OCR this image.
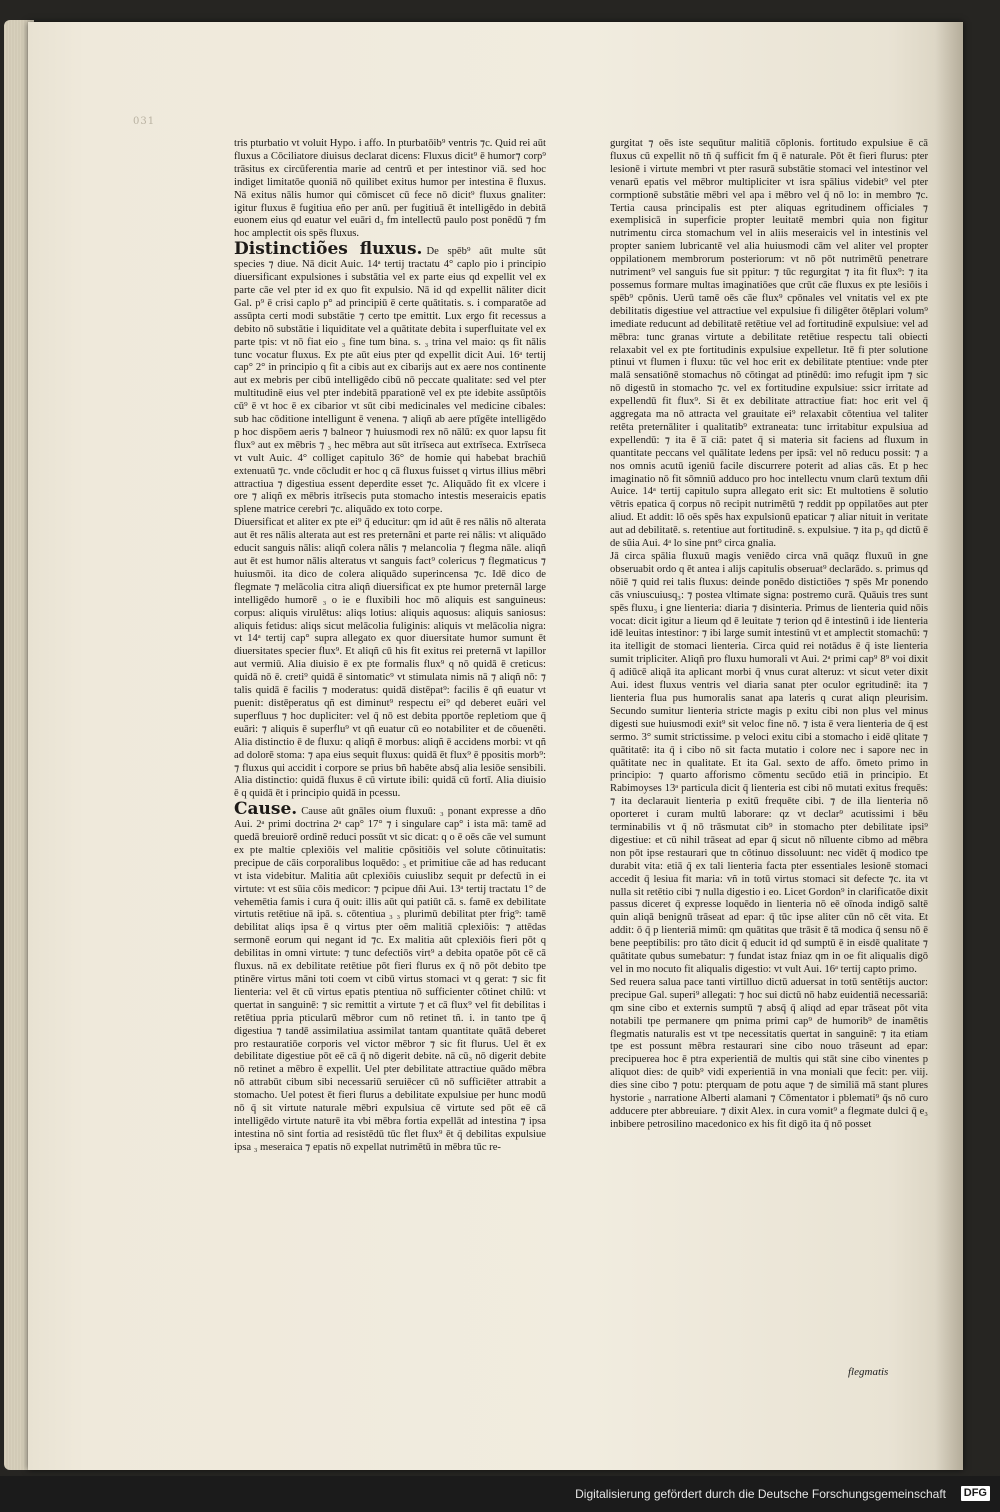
031

tris pturbatio vt voluit Hypo. i affo. In pturbatōib⁹ ventris ⁊c. Quid rei aūt fluxus a Cōciliatore diuisus declarat dicens: Fluxus dicit⁹ ē humor⁊ corp⁹ trāsitus ex circūferentia marie ad centrū et per intestinor viā. sed hoc indiget limitatōe quoniā nō quilibet exitus humor per intestina ē fluxus. Nā exitus nālis humor qui cōmiscet cū fece nō dicit⁹ fluxus gnaliter: igitur fluxus ē fugitiua eño per anū. per fugitiuā ēt intelligēdo in debitā euonem eius qd euatur vel euāri d₃ fm intellectū paulo post ponēdū ⁊ fm hoc amplectit ois spēs fluxus.

Distinctiões fluxus. De spēb⁹ aūt multe sūt species ⁊ diue. Nā dicit Auic. 14ᵃ tertij tractatu 4° caplo pio i principio diuersificant expulsiones i substātia vel ex parte eius qd expellit vel ex parte cāe vel pter id ex quo fit expulsio. Nā id qd expellit nāliter dicit Gal. p⁹ ē crisi caplo p° ad principiū ē certe quātitatis. s. i comparatōe ad assūpta certi modi substātie ⁊ certo tpe emittit. Lux ergo fit recessus a debito nō substātie i liquiditate vel a quātitate debita i superfluitate vel ex parte tpis: vt nō fiat eio ₃ fine tum bina. s. ₃ trina vel maio: qs fit nālis tunc vocatur fluxus. Ex pte aūt eius pter qd expellit dicit Aui. 16ᵃ tertij cap° 2° in principio q fit a cibis aut ex cibarijs aut ex aere nos continente aut ex mebris per cibū intelligēdo cibū nō peccate qualitate: sed vel pter multitudinē eius vel pter indebitā pparationē vel ex pte idebite assūptōis cū⁹ ē vt hoc ē ex cibarior vt sūt cibi medicinales vel medicine cibales: sub hac cōditione intelligunt ē venena. ⁊ aliqñ ab aere ptīgēte intelligēdo p hoc dispōem aeris ⁊ balneor ⁊ huiusmodi rex nō nālū: ex quor lapsu fit flux⁹ aut ex mēbris ⁊ ₃ hec mēbra aut sūt itrīseca aut extrīseca. Extrīseca vt vult Auic. 4° colliget capitulo 36° de homie qui habebat brachiū extenuatū ⁊c. vnde cōcludit er hoc q cā fluxus fuisset q virtus illius mēbri attractiua ⁊ digestiua essent deperdite esset ⁊c. Aliquādo fit ex vlcere i ore ⁊ aliqñ ex mēbris itrīsecis puta stomacho intestis meseraicis epatis splene matrice cerebri ⁊c. aliquādo ex toto corpe.

Diuersificat et aliter ex pte ei⁹ q̄ educitur: qm id aūt ē res nālis nō alterata aut ēt res nālis alterata aut est res preternāni et parte rei nālis: vt aliquādo educit sanguis nālis: aliqñ colera nālis ⁊ melancolia ⁊ flegma nāle. aliqñ aut ēt est humor nālis alteratus vt sanguis fact⁹ colericus ⁊ flegmaticus ⁊ huiusmōi. ita dico de colera aliquādo superincensa ⁊c. Idē dico de flegmate ⁊ melācolia citra aliqñ diuersificat ex pte humor preternāl large intelligēdo humorē ₃ o ie e fluxibili hoc mō aliquis est sanguineus: corpus: aliquis virulētus: aliqs lotius: aliquis aquosus: aliquis saniosus: aliquis fetidus: aliqs sicut melācolia fuliginis: aliquis vt melācolia nigra: vt 14ᵃ tertij cap° supra allegato ex quor diuersitate humor sumunt ēt diuersitates specier flux⁹. Et aliqñ cū his fit exitus rei preternā vt lapillor aut vermiū. Alia diuisio ē ex pte formalis flux⁹ q nō quidā ē creticus: quidā nō ē. creti⁹ quidā ē sintomatic⁹ vt stimulata nimis nā ⁊ aliqñ nō: ⁊ talis quidā ē facilis ⁊ moderatus: quidā distēpat⁹: facilis ē qñ euatur vt puenit: distēperatus qñ est diminut⁹ respectu ei⁹ qd deberet euāri vel superfluus ⁊ hoc dupliciter: vel q̄ nō est debita pportōe repletiom que q̄ euāri: ⁊ aliquis ē superflu⁹ vt qñ euatur cū eo notabiliter et de cōuenēti. Alia distinctio ē de fluxu: q aliqñ ē morbus: aliqñ ē accidens morbi: vt qñ ad dolorē stoma: ⁊ apa eius sequit fluxus: quidā ēt flux⁹ ē ppositis morb⁹: ⁊ fluxus qui accidit i corpore se prius bñ habēte absq̄ alia lesiōe sensibili. Alia distinctio: quidā fluxus ē cū virtute ibili: quidā cū fortī. Alia diuisio ē q quidā ēt i principio quidā in pcessu.

Cause. Cause aūt gnāles oium fluxuū: ₃ ponant expresse a dño Aui. 2ᵃ primi doctrina 2ᵃ cap° 17° ⁊ i singulare cap° i ista mā: tamē ad quedā breuiorē ordinē reduci possūt vt sic dicat: q o ē oēs cāe vel sumunt ex pte maltie cplexiōis vel malitie cpōsitiōis vel solute cōtinuitatis: precipue de cāis corporalibus loquēdo: ₃ et primitiue cāe ad has reducant vt ista videbitur. Malitia aūt cplexiōis cuiuslibz sequit pr defectū in ei virtute: vt est sūia cōis medicor: ⁊ pcipue dñi Aui. 13ᵃ tertij tractatu 1° de vehemētia famis i cura q̄ ouit: illis aūt qui patiūt cā. s. famē ex debilitate virtutis retētiue nā ipā. s. cōtentiua ₃ ₃ plurimū debilitat pter frig⁹: tamē debilitat aliqs ipsa ē q virtus pter oēm malitiā cplexiōis: ⁊ attēdas sermonē eorum qui negant id ⁊c. Ex malitia aūt cplexiōis fieri pōt q debilitas in omni virtute: ⁊ tunc defectiōs virt⁹ a debita opatōe pōt cē cā fluxus. nā ex debilitate retētiue pōt fieri flurus ex q̄ nō pōt debito tpe ptinēre virtus māni toti coem vt cibū virtus stomaci vt q gerat: ⁊ sic fit lienteria: vel ēt cū virtus epatis ptentiua nō sufficienter cōtinet chilū: vt quertat in sanguinē: ⁊ sic remittit a virtute ⁊ et cā flux⁹ vel fit debilitas i retētiua ppria pticularū mēbror cum nō retinet tñ. i. in tanto tpe q̄ digestiua ⁊ tandē assimilatiua assimilat tantam quantitate quātā deberet pro restauratiōe corporis vel victor mēbror ⁊ sic fit flurus. Uel ēt ex debilitate digestiue pōt eē cā q̄ nō digerit debite. nā cū₃ nō digerit debite nō retinet a mēbro ē expellit. Uel pter debilitate attractiue quādo mēbra nō attrabūt cibum sibi necessariū seruiēcer cū nō sufficiēter attrabit a stomacho. Uel potest ēt fieri flurus a debilitate expulsiue per hunc modū nō q̄ sit virtute naturale mēbri expulsiua cē virtute sed pōt eē cā intelligēdo virtute naturē ita vbi mēbra fortia expellāt ad intestina ⁊ ipsa intestina nō sint fortia ad resistēdū tūc flet flux⁹ ēt q̄ debilitas expulsiue ipsa ₃ meseraica ⁊ epatis nō expellat nutrimētū in mēbra tūc re-

gurgitat ⁊ oēs iste sequūtur malitiā cōplonis. fortitudo expulsiue ē cā fluxus cū expellit nō tñ q̄ sufficit fm q̄ ē naturale. Pōt ēt fieri flurus: pter lesionē i virtute membri vt pter rasurā substātie stomaci vel intestinor vel venarū epatis vel mēbror multipliciter vt isra spālius videbit⁹ vel pter cormptionē substātie mēbri vel apa i mēbro vel q̄ nō lo: in membro ⁊c. Tertia causa principalis est pter aliquas egritudinem officiales ⁊ exemplisicā in superficie propter leuitatē membri quia non figitur nutrimentu circa stomachum vel in aliis meseraicis vel in intestinis vel propter saniem lubricantē vel alia huiusmodi cām vel aliter vel propter oppilationem membrorum posteriorum: vt nō pōt nutrimētū penetrare nutriment⁹ vel sanguis fue sit ppitur: ⁊ tūc regurgitat ⁊ ita fit flux⁹: ⁊ ita possemus formare multas imaginatiōes que crūt cāe fluxus ex pte lesiōis i spēb⁹ cpōnis. Uerū tamē oēs cāe flux⁹ cpōnales vel vnitatis vel ex pte debilitatis digestiue vel attractiue vel expulsiue fi diligēter ōtēplari volum⁹ imediate reducunt ad debilitatē retētiue vel ad fortitudinē expulsiue: vel ad mēbra: tunc granas virtute a debilitate retētiue respectu tali obiecti relaxabit vel ex pte fortitudinis expulsiue expelletur. Itē fi pter solutione ptinui vt flumen i fluxu: tūc vel hoc erit ex debilitate ptentiue: vnde pter malā sensatiōnē stomachus nō cōtingat ad ptinēdū: imo refugit ipm ⁊ sic nō digestū in stomacho ⁊c. vel ex fortitudine expulsiue: ssicr irritate ad expellendū fit flux⁹. Si ēt ex debilitate attractiue fiat: hoc erit vel q̄ aggregata ma nō attracta vel grauitate ei⁹ relaxabit cōtentiua vel taliter retēta preternāliter i qualitatib⁹ extraneata: tunc irritabitur expulsiua ad expellendū: ⁊ ita ē a̅ ciā: patet q̄ si materia sit faciens ad fluxum in quantitate peccans vel quālitate ledens per ipsā: vel nō reducu possit: ⁊ a nos omnis acutū igeniū facile discurrere poterit ad alias cās. Et p hec imaginatio nō fit sōmniū adduco pro hoc intellectu vnum clarū textum dñi Auice. 14ᵃ tertij capitulo supra allegato erit sic: Et multotiens ē solutio vētris epatica q̄ corpus nō recipit nutrimētū ⁊ reddit pp oppilatōes aut pter aliud. Et addit: lō oēs spēs hax expulsionū epaticar ⁊ aliar nituit in veritate aut ad debilitatē. s. retentiue aut fortitudinē. s. expulsiue. ⁊ ita p₃ qd dictū ē de sūia Aui. 4ᵃ lo sine pnt⁹ circa gnalia.

Jā circa spālia fluxuū magis veniēdo circa vnā quāqz fluxuū in gne obseruabit ordo q ēt antea i alijs capitulis obseruat⁹ declarādo. s. primus qd nōiē ⁊ quid rei talis fluxus: deinde ponēdo distictiōes ⁊ spēs Mr ponendo cās vniuscuiusq₃: ⁊ postea vltimate signa: postremo curā. Quāuis tres sunt spēs fluxu₃ i gne lienteria: diaria ⁊ disinteria. Primus de lienteria quid nōis vocat: dicit igitur a lieum qd ē leuitate ⁊ terion qd ē intestinū i ide lienteria idē leuitas intestinor: ⁊ ibi large sumit intestinū vt et amplectit stomachū: ⁊ ita itelligit de stomaci lienteria. Circa quid rei notādus ē q̄ iste lienteria sumit tripliciter. Aliqñ pro fluxu humorali vt Aui. 2ᵃ primi cap⁹ 8⁹ voi dixit q̄ adiūcē aliqā ita aplicant morbi q̄ vnus curat alteruz: vt sicut veter dixit Aui. idest fluxus ventris vel diaria sanat pter oculor egritudinē: ita ⁊ lienteria flua pus humoralis sanat apa lateris q curat aliqn pleurisim. Secundo sumitur lienteria stricte magis p exitu cibi non plus vel minus digesti sue huiusmodi exit⁹ sit veloc fine nō. ⁊ ista ē vera lienteria de q̄ est sermo. 3° sumit strictissime. p veloci exitu cibi a stomacho i eidē qlitate ⁊ quātitatē: ita q̄ i cibo nō sit facta mutatio i colore nec i sapore nec in quātitate nec in qualitate. Et ita Gal. sexto de affo. ōmeto primo in principio: ⁊ quarto afforismo cōmentu secūdo etiā in principio. Et Rabimoyses 13ᵃ particula dicit q̄ lienteria est cibi nō mutati exitus frequēs: ⁊ ita declarauit lienteria p exitū frequēte cibi. ⁊ de illa lienteria nō oporteret i curam multū laborare: qz vt declar⁹ acutissimi i bēu terminabilis vt q̄ nō trāsmutat cib⁹ in stomacho pter debilitate ipsi⁹ digestiue: et cū nihil trāseat ad epar q̄ sicut nō nīluente cibmo ad mēbra non pōt ipse restaurari que tn cōtinuo dissoluunt: nec vidēt q̄ modico tpe durabit vita: etiā q̄ ex tali lienteria facta pter essentiales lesionē stomaci accedit q̄ lesiua fit maria: vñ in totū virtus stomaci sit defecte ⁊c. ita vt nulla sit retētio cibi ⁊ nulla digestio i eo. Licet Gordon⁹ in clarificatōe dixit passus diceret q̄ expresse loquēdo in lienteria nō eē oīnoda indigō saltē quin aliqā benignū trāseat ad epar: q̄ tūc ipse aliter cūn nō cēt vita. Et addit: ō q̄ p lienteriā mimū: qm quātitas que trāsit ē tā modica q̄ sensu nō ē bene peeptibilis: pro tāto dicit q̄ educit id qd sumptū ē in eisdē qualitate ⁊ quātitate qubus sumebatur: ⁊ fundat istaz fniaz qm in oe fit aliqualis digō vel in mo nocuto fit aliqualis digestio: vt vult Aui. 16ᵃ tertij capto primo.

Sed reuera salua pace tanti virtilluo dictū aduersat in totū sentētijs auctor: precipue Gal. superi⁹ allegati: ⁊ hoc sui dictū nō habz euidentiā necessariā: qm sine cibo et externis sumptū ⁊ absq̄ q̄ aliqd ad epar trāseat pōt vita notabili tpe permanere qm pnima primi cap⁹ de humorib⁹ de inamētis flegmatis naturalis est vt tpe necessitatis quertat in sanguinē: ⁊ ita etiam tpe est possunt mēbra restaurari sine cibo nouo trāseunt ad epar: precipuerea hoc ē ptra experientiā de multis qui stāt sine cibo vinentes p aliquot dies: de quib⁹ vidi experientiā in vna moniali que fecit: per. viij. dies sine cibo ⁊ potu: pterquam de potu aque ⁊ de similiā mā stant plures hystorie ₃ narratione Alberti alamani ⁊ Cōmentator i pblemati⁹ q̄s nō curo adducere pter abbreuiare. ⁊ dixit Alex. in cura vomit⁹ a flegmate dulci q̄ e₃ inbibere petrosilino macedonico ex his fit digō ita q̄ nō posset

flegmatis
Digitalisierung gefördert durch die Deutsche Forschungsgemeinschaft DFG
